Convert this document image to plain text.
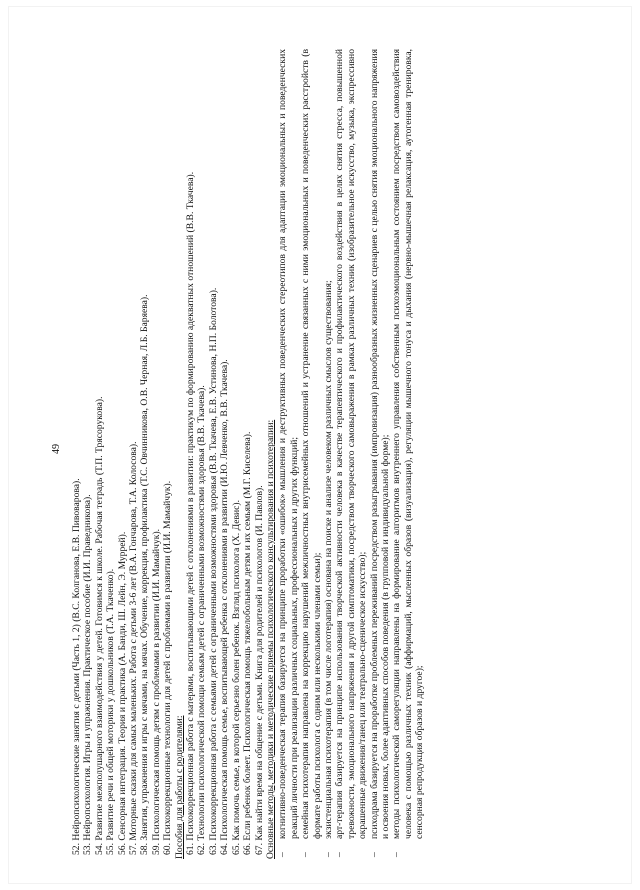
49
52. Нейропсихологические занятия с детьми (Часть 1, 2) (В.С. Колганова, Е.В. Пивоварова). 53. Нейропсихология. Игры и упражнения. Практическое пособие (И.И. Праведникова). 54. Развитие межполушарного взаимодействия у детей. Готовимся к школе. Рабочая тетрадь (Т.П. Трясорукова). 55. Развитие речи и общей моторики у дошкольников (Т.А. Ткаченко). 56. Сенсорная интеграция. Теория и практика (А. Банди, Ш. Лейн, Э. Муррей). 57. Моторные сказки для самых маленьких. Работа с детьми 3-6 лет (В.А. Гончарова, Т.А. Колосова). 58. Занятия, упражнения и игры с мячами, на мячах. Обучение, коррекция, профилактика (Т.С. Овчинникова, О.В. Черная, Л.Б. Баряева). 59. Психологическая помощь детям с проблемами в развитии (И.И. Мамайчук). 60. Психокоррекционные технологии для детей с проблемами в развитии (И.И. Мамайчук). Пособия для работы с родителями: 61. Психокоррекционная работа с матерями, воспитывающими детей с отклонениями в развитии: практикум по формированию адекватных отношений (В.В. Ткачева). 62. Технологии психологической помощи семьям детей с ограниченными возможностями здоровья (В.В. Ткачева). 63. Психокоррекционная работа с семьями детей с ограниченными возможностями здоровья (В.В. Ткачева, Е.В. Устинова, Н.П. Болотова). 64. Психологическая помощь семье, воспитывающей ребенка с отклонениями в развитии (И.Ю. Левченко, В.В. Ткачева). 65. Как помочь семье, в которой серьезно болен ребенок. Взгляд психолога (Х. Девис). 66. Если ребенок болеет. Психологическая помощь тяжелобольным детям и их семьям (М.Г. Киселева). 67. Как найти время на общение с детьми. Книга для родителей и психологов (И. Павлов). Основные методы, методики и методические приемы психологического консультирования и психотерапии: –
когнитивно-поведенческая терапия базируется на принципе проработки «ошибок» мышления и деструктивных поведенческих стереотипов для адаптации эмоциональных и поведенческих реакций личности при реализации различных социальных, профессиональных и других функций;
–
семейная психотерапия направлена на коррекцию нарушений межличностных внутрисемейных отношений и устранение связанных с ними эмоциональных и поведенческих расстройств (в формате работы психолога с одним или несколькими членами семьи);
–
экзистенциальная психотерапия (в том числе логотерапия) основана на поиске и анализе человеком различных смыслов существования;
–
арт-терапия базируется на принципе использования творческой активности человека в качестве терапевтического и профилактического воздействия в целях снятия стресса, повышенной тревожности, эмоционального напряжения и другой симптоматики, посредством творческого самовыражения в рамках различных техник (изобразительное искусство, музыка, экспрессивно окрашенные движения/танец или театрально-сценическое искусство);
–
психодрама базируется на проработке проблемных переживаний посредством разыгрывания (импровизация) разнообразных жизненных сценариев с целью снятия эмоционального напряжения и освоения новых, более адаптивных способов поведения (в групповой и индивидуальной форме);
–
методы психологической саморегуляции направлены на формирование алгоритмов внутреннего управления собственным психоэмоциональным состоянием посредством самовоздействия человека с помощью различных техник (аффирмаций, мысленных образов (визуализация), регуляции мышечного тонуса и дыхания (нервно-мышечная релаксация, аутогенная тренировка, сенсорная репродукция образов и другое);
